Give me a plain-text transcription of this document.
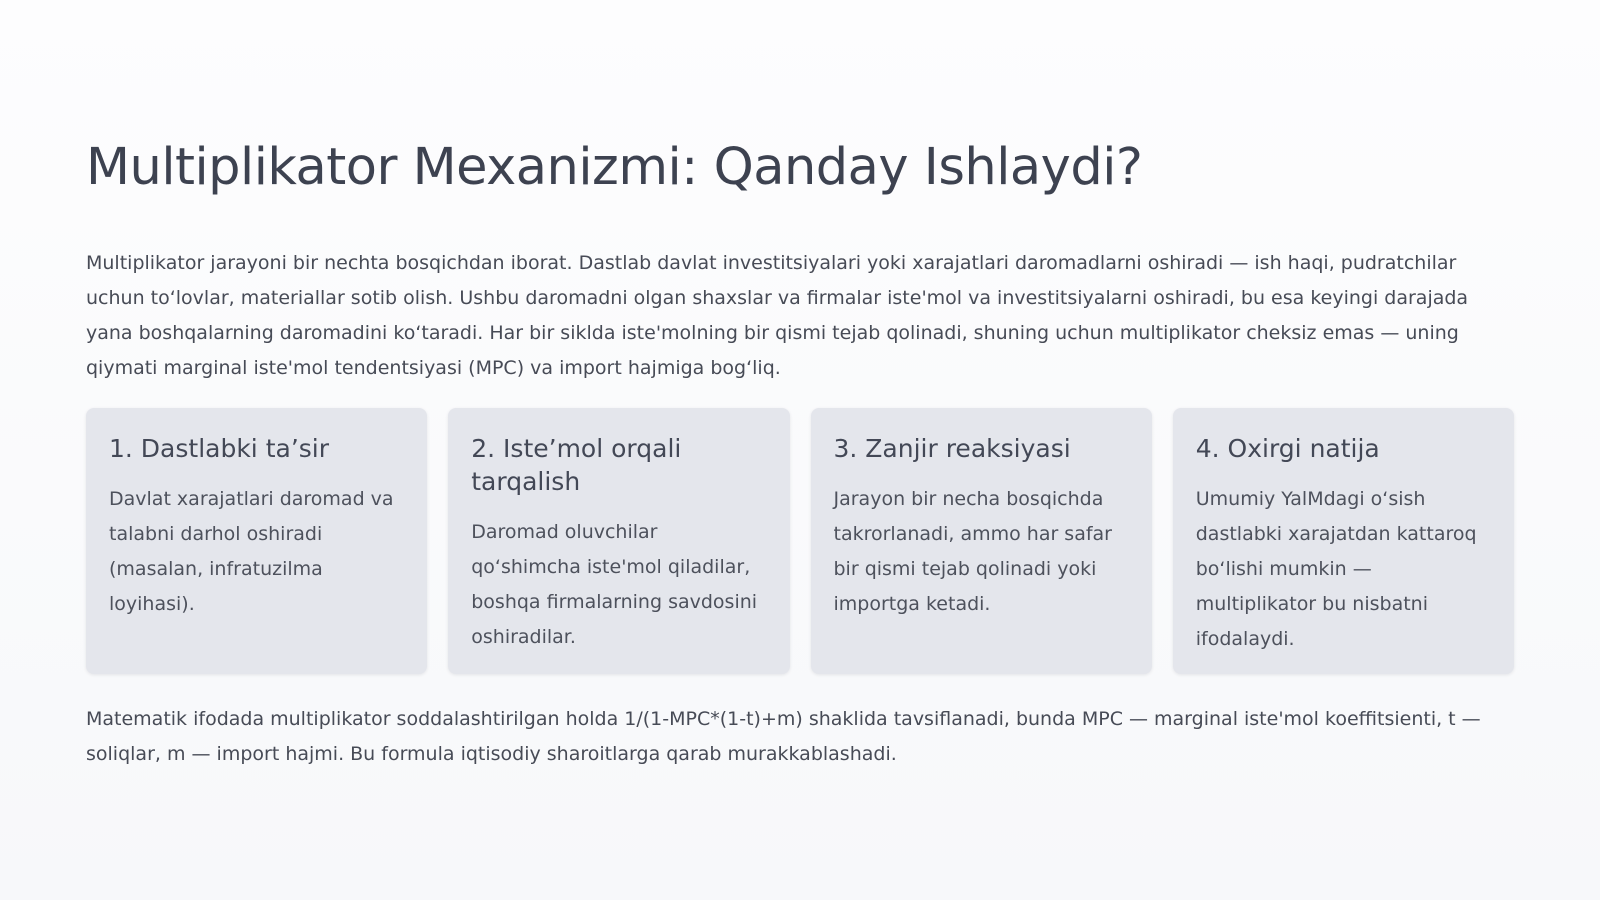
Multiplikator Mexanizmi: Qanday Ishlaydi?

Multiplikator jarayoni bir nechta bosqichdan iborat. Dastlab davlat investitsiyalari yoki xarajatlari daromadlarni oshiradi — ish haqi, pudratchilar uchun to‘lovlar, materiallar sotib olish. Ushbu daromadni olgan shaxslar va firmalar iste'mol va investitsiyalarni oshiradi, bu esa keyingi darajada yana boshqalarning daromadini ko‘taradi. Har bir siklda iste'molning bir qismi tejab qolinadi, shuning uchun multiplikator cheksiz emas — uning qiymati marginal iste'mol tendentsiyasi (MPC) va import hajmiga bog‘liq.

1. Dastlabki ta’sir

Davlat xarajatlari daromad va talabni darhol oshiradi (masalan, infratuzilma loyihasi).

2. Iste’mol orqali tarqalish

Daromad oluvchilar qo‘shimcha iste'mol qiladilar, boshqa firmalarning savdosini oshiradilar.

3. Zanjir reaksiyasi

Jarayon bir necha bosqichda takrorlanadi, ammo har safar bir qismi tejab qolinadi yoki importga ketadi.

4. Oxirgi natija

Umumiy YalMdagi o‘sish dastlabki xarajatdan kattaroq bo‘lishi mumkin — multiplikator bu nisbatni ifodalaydi.

Matematik ifodada multiplikator soddalashtirilgan holda 1/(1-MPC*(1-t)+m) shaklida tavsiflanadi, bunda MPC — marginal iste'mol koeffitsienti, t — soliqlar, m — import hajmi. Bu formula iqtisodiy sharoitlarga qarab murakkablashadi.
